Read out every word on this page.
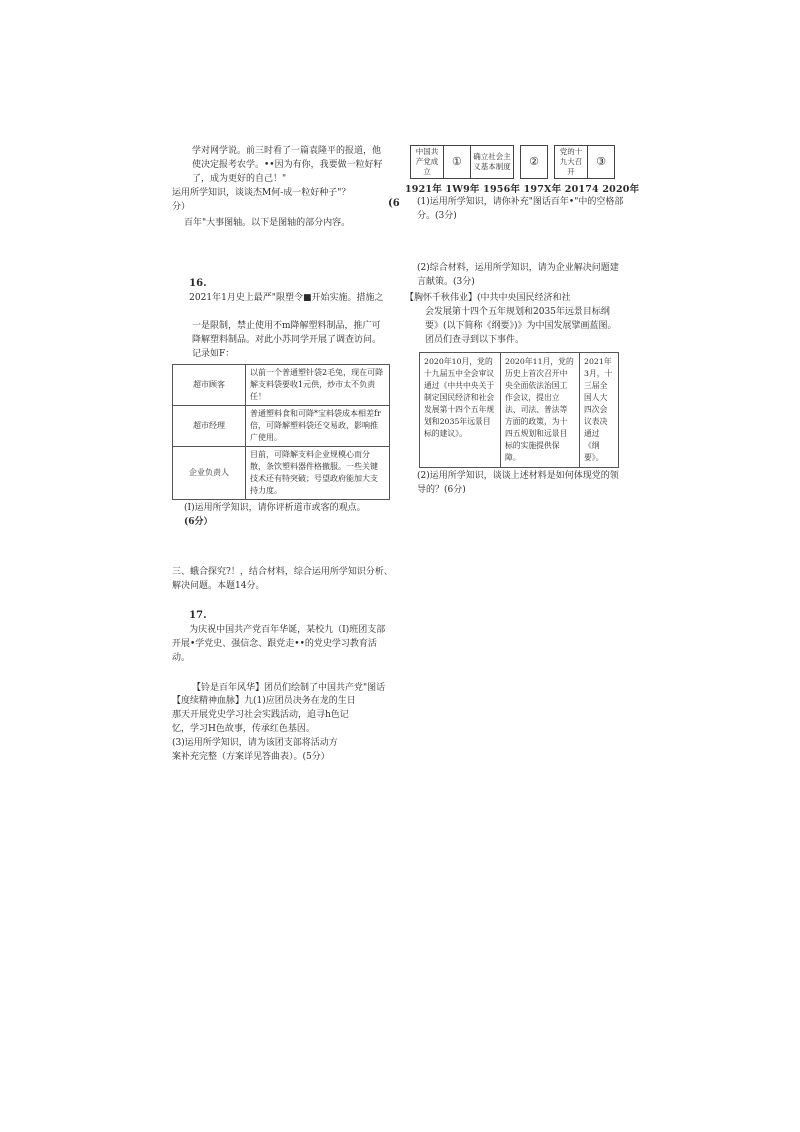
学对网学说。前三时看了一篇袁隆平的报道，他

使决定报考农学。••因为有你，我要做一粒好籽

了，成为更好的自己！"

运用所学知识，谈谈杰M何-成一粒好种子"？

分）

百年"大事图轴。以下是图轴的部分内容。

中国共产党成立	①	确立社会主义基本制度		②		党的十九大召开	③
1921年 1W9年 1956年 197X年 20174 2020年
(6	(1)运用所学知识，请你补充"图话百年•"中的空格部分。(3分)

16.
2021年1月史上最严"限塑令■开始实施。措施之

一是限制，禁止使用不m降解塑料制品，推广可

降解塑料制品。对此小苏同学开展了调查访问。

记录如F：

超市顾客	以前一个普通塑针袋2毛兔，现在可降解支料袋要收1元供，炒市太不负责任！
超市经理	普通塑料食和可降*宝料袋成本相差fr倍，可降解塑料袋还交易政，影响推广使用。
企业负责人	目前，可降解支料企业规模心而分散，条饮塑料器件格撤服。一些关键技术还有特突破；号望政府能加大支持力度。

(I)运用所学知识，请你评析道市或客的观点。

(6分）

(2)综合材料，运用所学知识，请为企业解决问题建言献策。(3分)

【胸怀千秋伟业】(中共中央国民经济和社

会发展第十四个五年规划和2035年远景目标纲

要》(以下简称《纲要》)》为中国发展擘画蓝图。

团员们查寻到以下事件。

2020年10月，党的十九届五中全会审议通过《中共中央关于制定国民经济和社会发展第十四个五年规划和2035年远景目标的建议》。	2020年11月，党的历史上首次召开中央全面依法治国工作会议，提出立法、司法、普法等方面的政策，为十四五规划和远景目标的实施提供保障。	2021年3月，十三届全国人大四次会议表决通过《纲要》。

(2)运用所学知识，谈谈上述材料是如何体现党的领导的？(6分)

三、蛾合探究?！，结合材料，综合运用所学知识分析、解决问题。本题14分。

17.
为庆祝中国共产党百年华诞，某校九（I)班团支部开展•学党史、强信念、跟党走••的党史学习教育活动。

【铃是百年风华】团员们绘制了中国共产党"图话

【度续精神血脉】九(1)应团员决务在龙的生日

那天开展党史学习社会实践活动，追寻h色记

忆，学习H色故事，传承红色基因。

(3)运用所学知识，请为该团支部将活动方

案补充完整（方案详见答曲表）。(5分）
